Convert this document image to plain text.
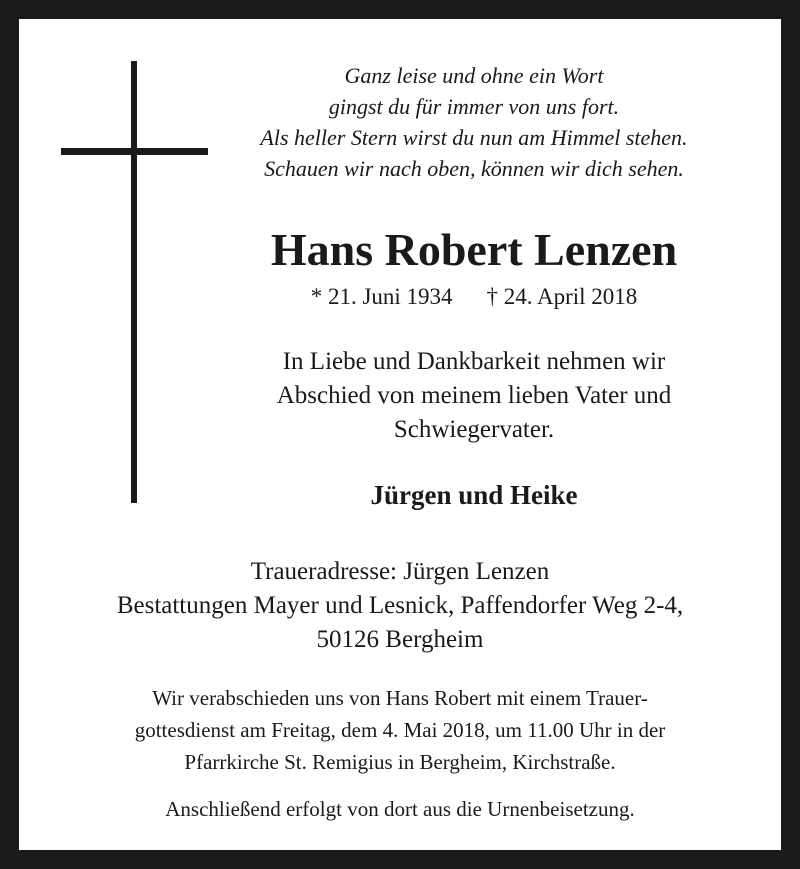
Ganz leise und ohne ein Wort
gingst du für immer von uns fort.
Als heller Stern wirst du nun am Himmel stehen.
Schauen wir nach oben, können wir dich sehen.
Hans Robert Lenzen
* 21. Juni 1934 † 24. April 2018
In Liebe und Dankbarkeit nehmen wir
Abschied von meinem lieben Vater und
Schwiegervater.
Jürgen und Heike
Traueradresse: Jürgen Lenzen
Bestattungen Mayer und Lesnick, Paffendorfer Weg 2-4,
50126 Bergheim
Wir verabschieden uns von Hans Robert mit einem Trauer-
gottesdienst am Freitag, dem 4. Mai 2018, um 11.00 Uhr in der
Pfarrkirche St. Remigius in Bergheim, Kirchstraße.
Anschließend erfolgt von dort aus die Urnenbeisetzung.
